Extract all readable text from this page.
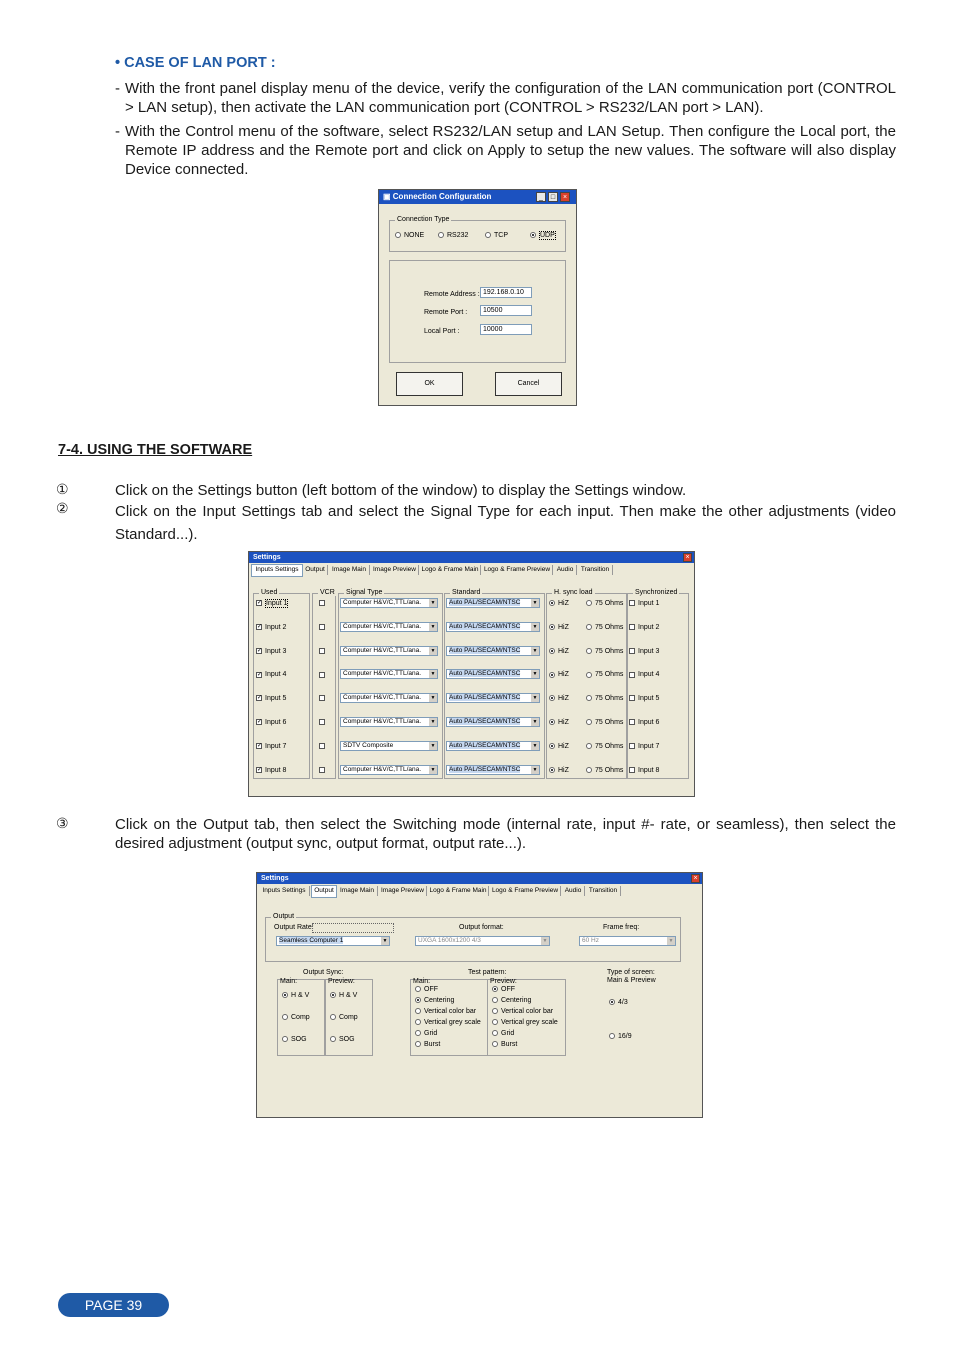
• CASE OF LAN PORT :
- With the front panel display menu of the device, verify the configuration of the LAN communication port (CONTROL > LAN setup), then activate the LAN communication port (CONTROL > RS232/LAN port > LAN).
- With the Control menu of the software, select RS232/LAN setup and LAN Setup. Then configure the Local port, the Remote IP address and the Remote port and click on Apply to setup the new values. The software will also display Device connected.
▣ Connection Configuration	_	□	×
Connection Type
NONE	RS232	TCP	UDP
Remote Address : 192.168.0.10
Remote Port :	10500
Local Port :	10000
OK	Cancel
7-4. USING THE SOFTWARE
①	Click on the Settings button (left bottom of the window) to display the Settings window.
②	Click on the Input Settings tab and select the Signal Type for each input. Then make the other adjustments (video Standard...).
Settings	×
Inputs Settings	Output	Image Main	Image Preview Logo & Frame Main Logo & Frame Preview	Audio	Transition
Used	VCR Signal Type	Standard	H. sync load	Synchronized
✓ Input 1	Computer H&V/C,TTL/ana.	▼	Auto PAL/SECAM/NTSC	▼	HiZ	75 Ohms	Input 1
✓ Input 2	Computer H&V/C,TTL/ana.	▼	Auto PAL/SECAM/NTSC	▼	HiZ	75 Ohms	Input 2
✓ Input 3	Computer H&V/C,TTL/ana.	▼	Auto PAL/SECAM/NTSC	▼	HiZ	75 Ohms	Input 3
✓ Input 4	Computer H&V/C,TTL/ana.	▼	Auto PAL/SECAM/NTSC	▼	HiZ	75 Ohms	Input 4
✓ Input 5	Computer H&V/C,TTL/ana.	▼	Auto PAL/SECAM/NTSC	▼	HiZ	75 Ohms	Input 5
✓ Input 6	Computer H&V/C,TTL/ana.	▼	Auto PAL/SECAM/NTSC	▼	HiZ	75 Ohms	Input 6
✓ Input 7	SDTV Composite	▼	Auto PAL/SECAM/NTSC	▼	HiZ	75 Ohms	Input 7
✓ Input 8	Computer H&V/C,TTL/ana.	▼	Auto PAL/SECAM/NTSC	▼	HiZ	75 Ohms	Input 8
③	Click on the Output tab, then select the Switching mode (internal rate, input #- rate, or seamless), then select the desired adjustment (output sync, output format, output rate...).
Settings	×
Inputs Settings	Output Image Main	Image Preview Logo & Frame Main Logo & Frame Preview	Audio	Transition
Output
Output Rate:
Seamless Computer 1	▼
Output format:
UXGA 1600x1200 4/3	▼
Frame freq:
60 Hz	▼
Output Sync:
Main:
H & V
Comp
SOG
Preview:
H & V
Comp
SOG
Test pattern:
Main:
OFF
Centering
Vertical color bar
Vertical grey scale
Grid
Burst
Preview:
OFF
Centering
Vertical color bar
Vertical grey scale
Grid
Burst
Type of screen:
Main & Preview
4/3
16/9
PAGE 39
